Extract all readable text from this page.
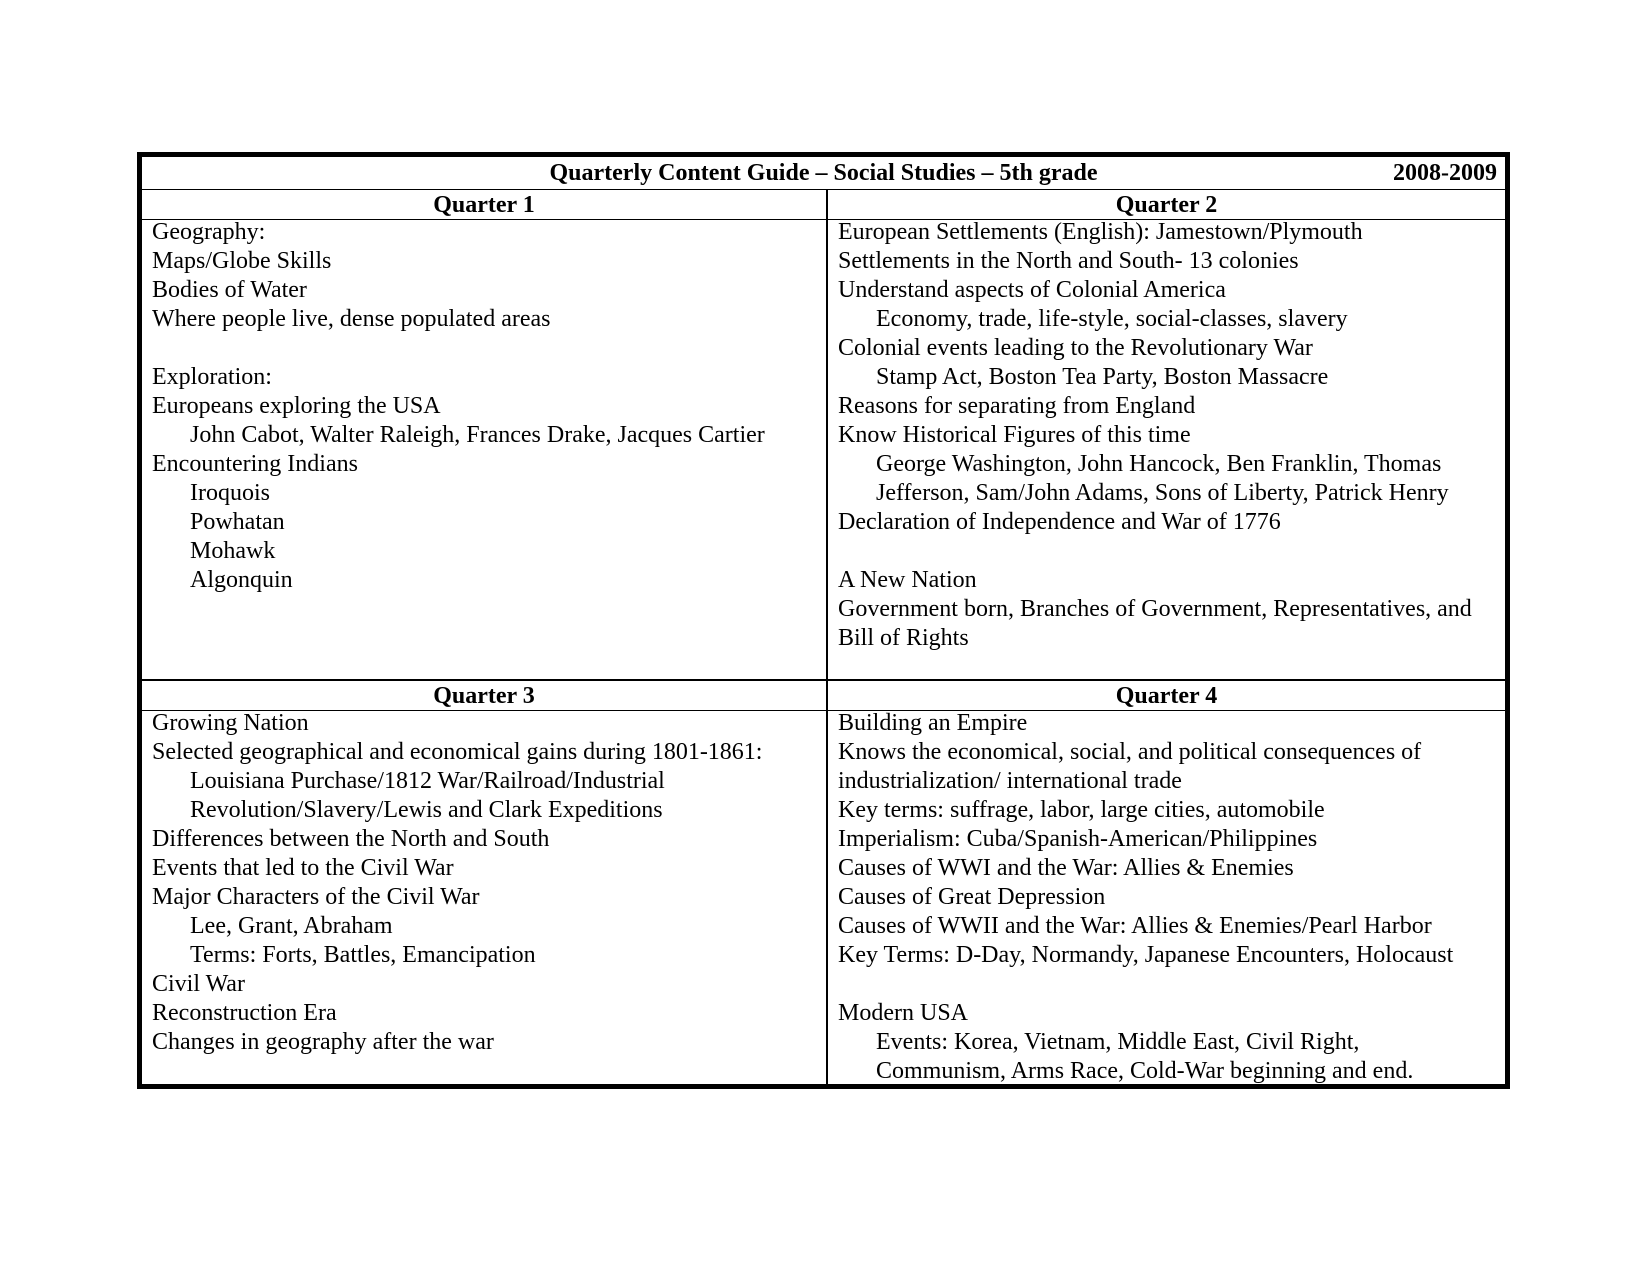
Quarterly Content Guide – Social Studies – 5th grade	2008-2009
Quarter 1
Geography:
Maps/Globe Skills
Bodies of Water
Where people live, dense populated areas
Exploration:
Europeans exploring the USA
John Cabot, Walter Raleigh, Frances Drake, Jacques Cartier
Encountering Indians
Iroquois
Powhatan
Mohawk
Algonquin
Quarter 2
European Settlements (English): Jamestown/Plymouth
Settlements in the North and South- 13 colonies
Understand aspects of Colonial America
Economy, trade, life-style, social-classes, slavery
Colonial events leading to the Revolutionary War
Stamp Act, Boston Tea Party, Boston Massacre
Reasons for separating from England
Know Historical Figures of this time
George Washington, John Hancock, Ben Franklin, Thomas
Jefferson, Sam/John Adams, Sons of Liberty, Patrick Henry
Declaration of Independence and War of 1776
A New Nation
Government born, Branches of Government, Representatives, and
Bill of Rights
Quarter 3
Growing Nation
Selected geographical and economical gains during 1801-1861:
Louisiana Purchase/1812 War/Railroad/Industrial
Revolution/Slavery/Lewis and Clark Expeditions
Differences between the North and South
Events that led to the Civil War
Major Characters of the Civil War
Lee, Grant, Abraham
Terms: Forts, Battles, Emancipation
Civil War
Reconstruction Era
Changes in geography after the war
Quarter 4
Building an Empire
Knows the economical, social, and political consequences of
industrialization/ international trade
Key terms: suffrage, labor, large cities, automobile
Imperialism: Cuba/Spanish-American/Philippines
Causes of WWI and the War: Allies & Enemies
Causes of Great Depression
Causes of WWII and the War: Allies & Enemies/Pearl Harbor
Key Terms: D-Day, Normandy, Japanese Encounters, Holocaust
Modern USA
Events: Korea, Vietnam, Middle East, Civil Right,
Communism, Arms Race, Cold-War beginning and end.
